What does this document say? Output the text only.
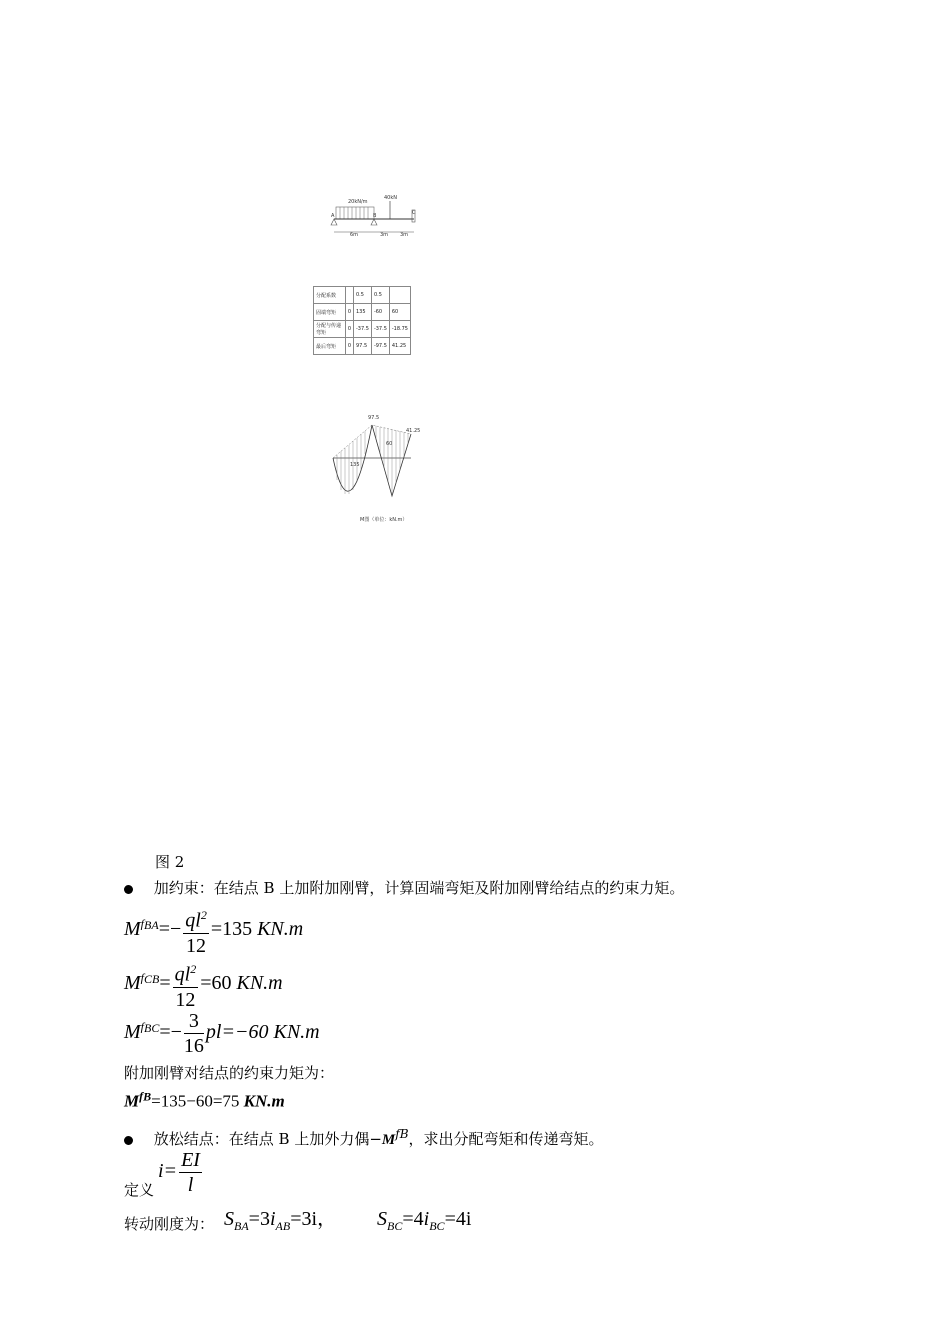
20kN/m
40kN
A	B	C
6m	3m 3m
分配系数		0.5	0.5	
固端弯矩	0	135	-60	60
分配与传递弯矩	0	-37.5	-37.5	-18.75
最后弯矩	0	97.5	-97.5	41.25
97.5
41.25
135
60
M图（单位：kN.m）
图 2
加约束：在结点 B 上加附加刚臂，计算固端弯矩及附加刚臂给结点的约束力矩。
$M^f_{BA}=- \frac{ql^2}{12} =135$ KN.m
$M^f_{CB}= \frac{ql^2}{12} =60$ KN.m
$M^f_{BC}=- \frac{3}{16} pl=-60$ KN.m
附加刚臂对结点的约束力矩为：
$M^f_B=135-60=75$ KN.m
放松结点：在结点 B 上加外力偶$-M^f_B$，求出分配弯矩和传递弯矩。
定义
$i= \frac{EI}{l}$
转动刚度为： $S_{BA}=3i_{AB}=3i$， $S_{BC}=4i_{BC}=4i$
